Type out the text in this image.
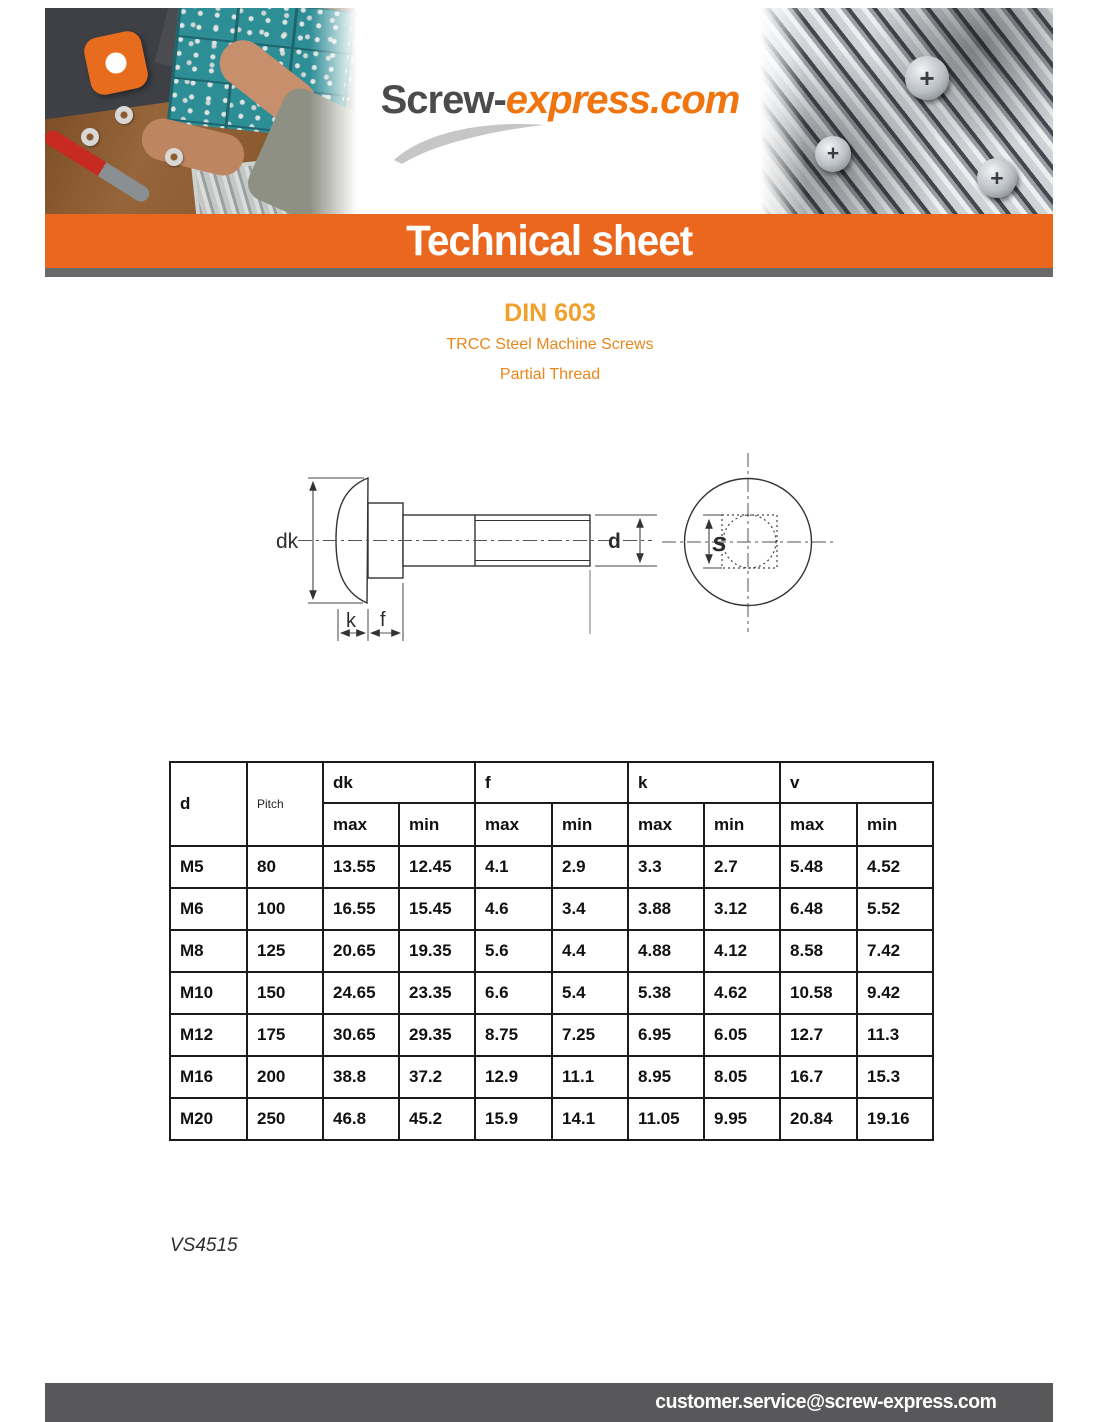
Screw-express.com
+
+
+
Technical sheet
DIN 603
TRCC Steel Machine Screws
Partial Thread
dk	d
k f
s
d	Pitch	dk		f		k		v	
		max	min	max	min	max	min	max	min
M5	80	13.55	12.45	4.1	2.9	3.3	2.7	5.48	4.52
M6	100	16.55	15.45	4.6	3.4	3.88	3.12	6.48	5.52
M8	125	20.65	19.35	5.6	4.4	4.88	4.12	8.58	7.42
M10	150	24.65	23.35	6.6	5.4	5.38	4.62	10.58	9.42
M12	175	30.65	29.35	8.75	7.25	6.95	6.05	12.7	11.3
M16	200	38.8	37.2	12.9	11.1	8.95	8.05	16.7	15.3
M20	250	46.8	45.2	15.9	14.1	11.05	9.95	20.84	19.16
VS4515
customer.service@screw-express.com
